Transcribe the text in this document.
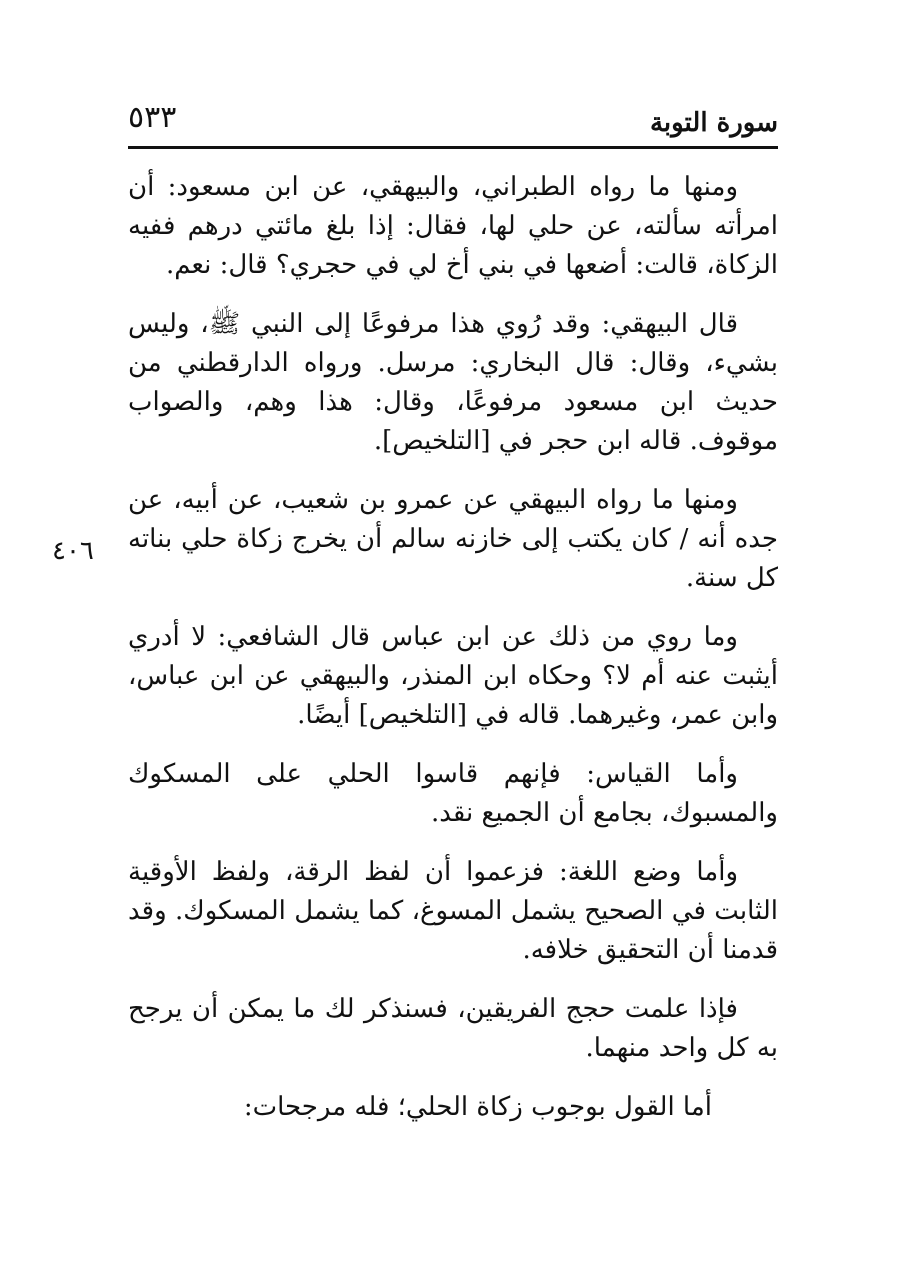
سورة التوبة
٥٣٣
٤٠٦

ومنها ما رواه الطبراني، والبيهقي، عن ابن مسعود: أن امرأته سألته، عن حلي لها، فقال: إذا بلغ مائتي درهم ففيه الزكاة، قالت: أضعها في بني أخ لي في حجري؟ قال: نعم.

قال البيهقي: وقد رُوي هذا مرفوعًا إلى النبي ﷺ، وليس بشيء، وقال: قال البخاري: مرسل. ورواه الدارقطني من حديث ابن مسعود مرفوعًا، وقال: هذا وهم، والصواب موقوف. قاله ابن حجر في [التلخيص].

ومنها ما رواه البيهقي عن عمرو بن شعيب، عن أبيه، عن جده أنه / كان يكتب إلى خازنه سالم أن يخرج زكاة حلي بناته كل سنة.

وما روي من ذلك عن ابن عباس قال الشافعي: لا أدري أيثبت عنه أم لا؟ وحكاه ابن المنذر، والبيهقي عن ابن عباس، وابن عمر، وغيرهما. قاله في [التلخيص] أيضًا.

وأما القياس: فإنهم قاسوا الحلي على المسكوك والمسبوك، بجامع أن الجميع نقد.

وأما وضع اللغة: فزعموا أن لفظ الرقة، ولفظ الأوقية الثابت في الصحيح يشمل المسوغ، كما يشمل المسكوك. وقد قدمنا أن التحقيق خلافه.

فإذا علمت حجج الفريقين، فسنذكر لك ما يمكن أن يرجح به كل واحد منهما.

أما القول بوجوب زكاة الحلي؛ فله مرجحات:
